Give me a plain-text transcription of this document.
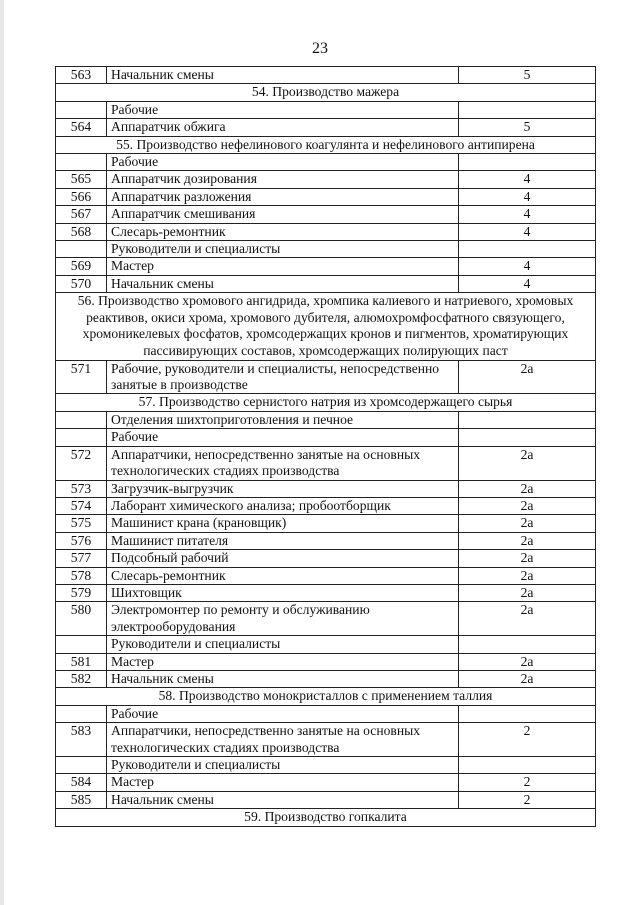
23
563	Начальник смены	5
54. Производство мажера		
	Рабочие	
564	Аппаратчик обжига	5
55. Производство нефелинового коагулянта и нефелинового антипирена		
	Рабочие	
565	Аппаратчик дозирования	4
566	Аппаратчик разложения	4
567	Аппаратчик смешивания	4
568	Слесарь-ремонтник	4
	Руководители и специалисты	
569	Мастер	4
570	Начальник смены	4
56. Производство хромового ангидрида, хромпика калиевого и натриевого, хромовых реактивов, окиси хрома, хромового дубителя, алюмохромфосфатного связующего, хромоникелевых фосфатов, хромсодержащих кронов и пигментов, хроматирующих пассивирующих составов, хромсодержащих полирующих паст		
571	Рабочие, руководители и специалисты, непосредственно занятые в производстве	2а
57. Производство сернистого натрия из хромсодержащего сырья		
	Отделения шихтоприготовления и печное	
	Рабочие	
572	Аппаратчики, непосредственно занятые на основных технологических стадиях производства	2а
573	Загрузчик-выгрузчик	2а
574	Лаборант химического анализа; пробоотборщик	2а
575	Машинист крана (крановщик)	2а
576	Машинист питателя	2а
577	Подсобный рабочий	2а
578	Слесарь-ремонтник	2а
579	Шихтовщик	2а
580	Электромонтер по ремонту и обслуживанию электрооборудования	2а
	Руководители и специалисты	
581	Мастер	2а
582	Начальник смены	2а
58. Производство монокристаллов с применением таллия		
	Рабочие	
583	Аппаратчики, непосредственно занятые на основных технологических стадиях производства	2
	Руководители и специалисты	
584	Мастер	2
585	Начальник смены	2
59. Производство гопкалита		
